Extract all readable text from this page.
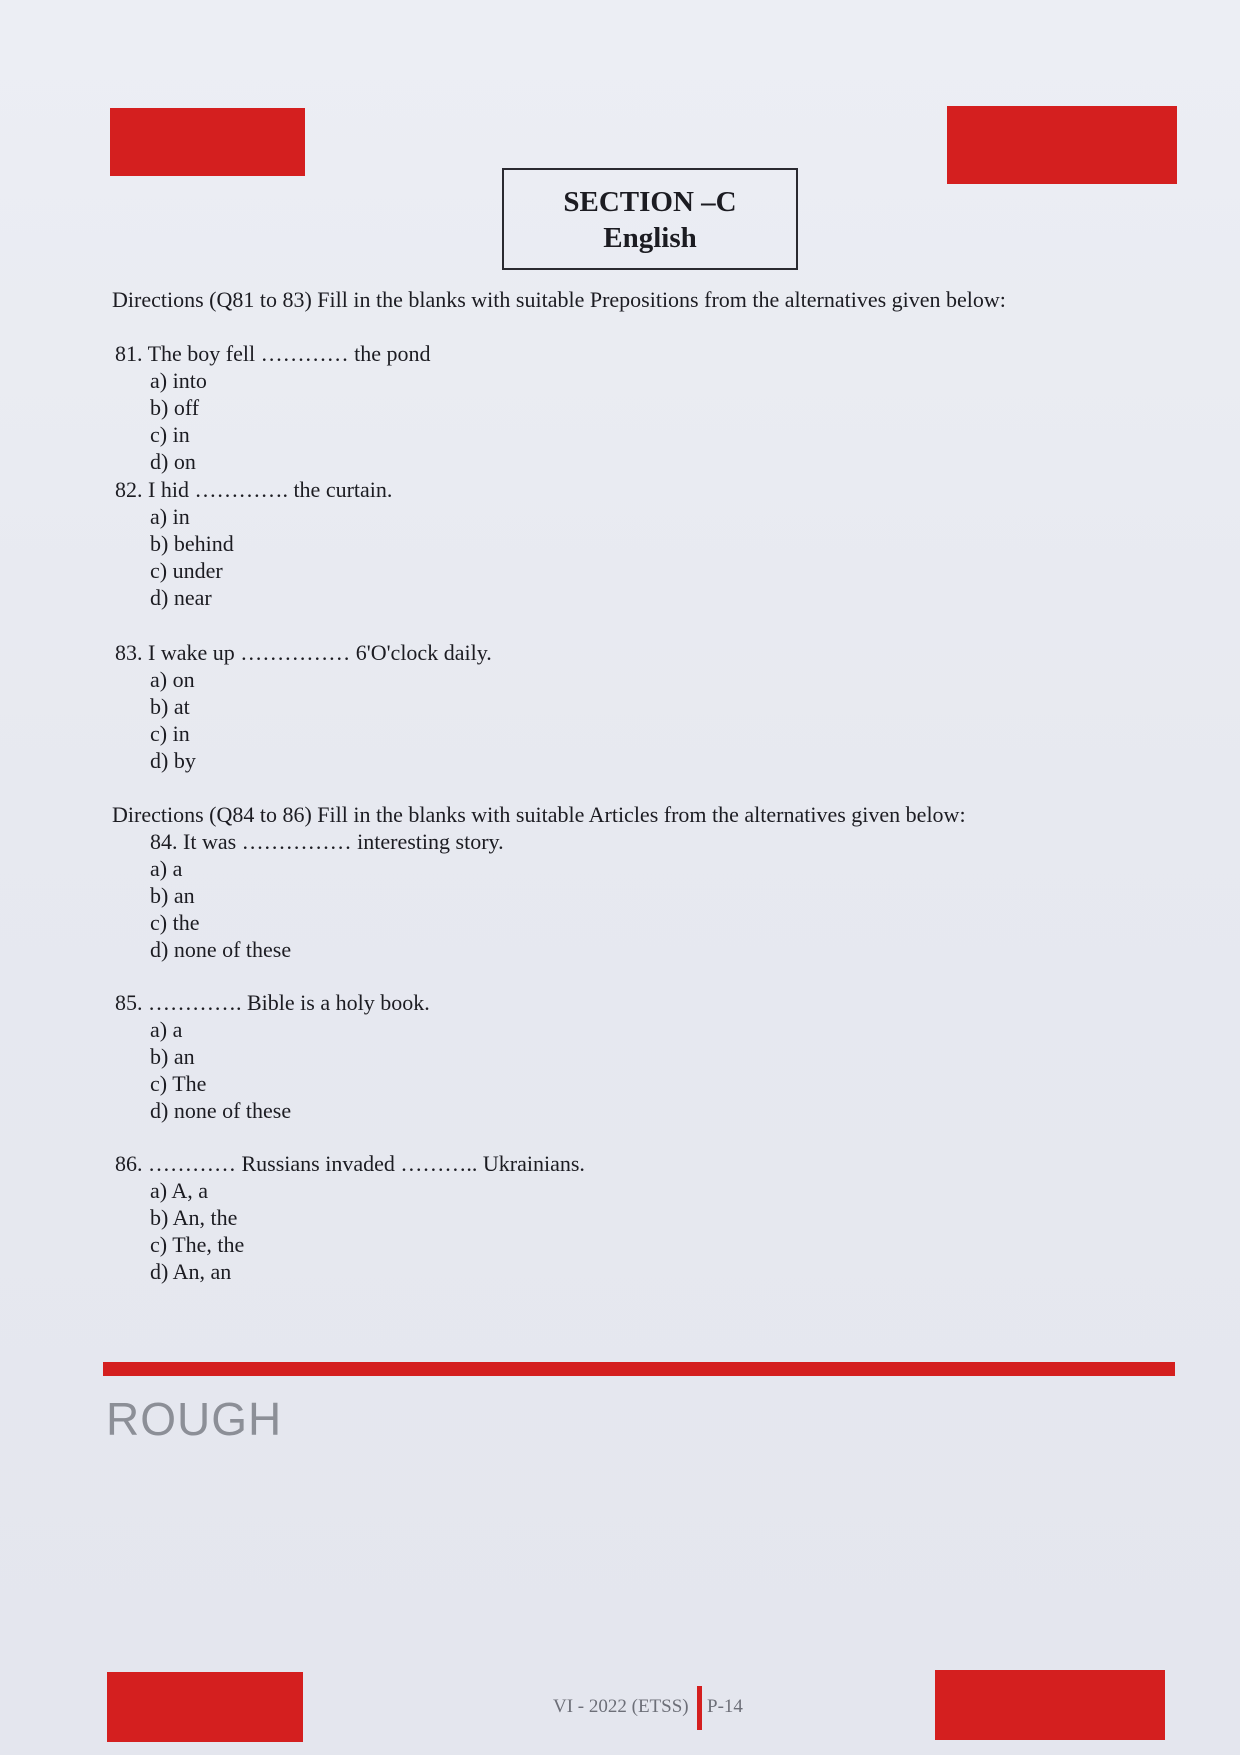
SECTION –C
English
Directions (Q81 to 83) Fill in the blanks with suitable Prepositions from the alternatives given below:
81. The boy fell ………… the pond
a) into
b) off
c) in
d) on
82. I hid …………. the curtain.
a) in
b) behind
c) under
d) near
83. I wake up …………… 6'O'clock daily.
a) on
b) at
c) in
d) by
Directions (Q84 to 86) Fill in the blanks with suitable Articles from the alternatives given below:
84. It was …………… interesting story.
a) a
b) an
c) the
d) none of these
85. …………. Bible is a holy book.
a) a
b) an
c) The
d) none of these
86. ………… Russians invaded ……….. Ukrainians.
a) A, a
b) An, the
c) The, the
d) An, an
ROUGH
VI - 2022 (ETSS) P-14
